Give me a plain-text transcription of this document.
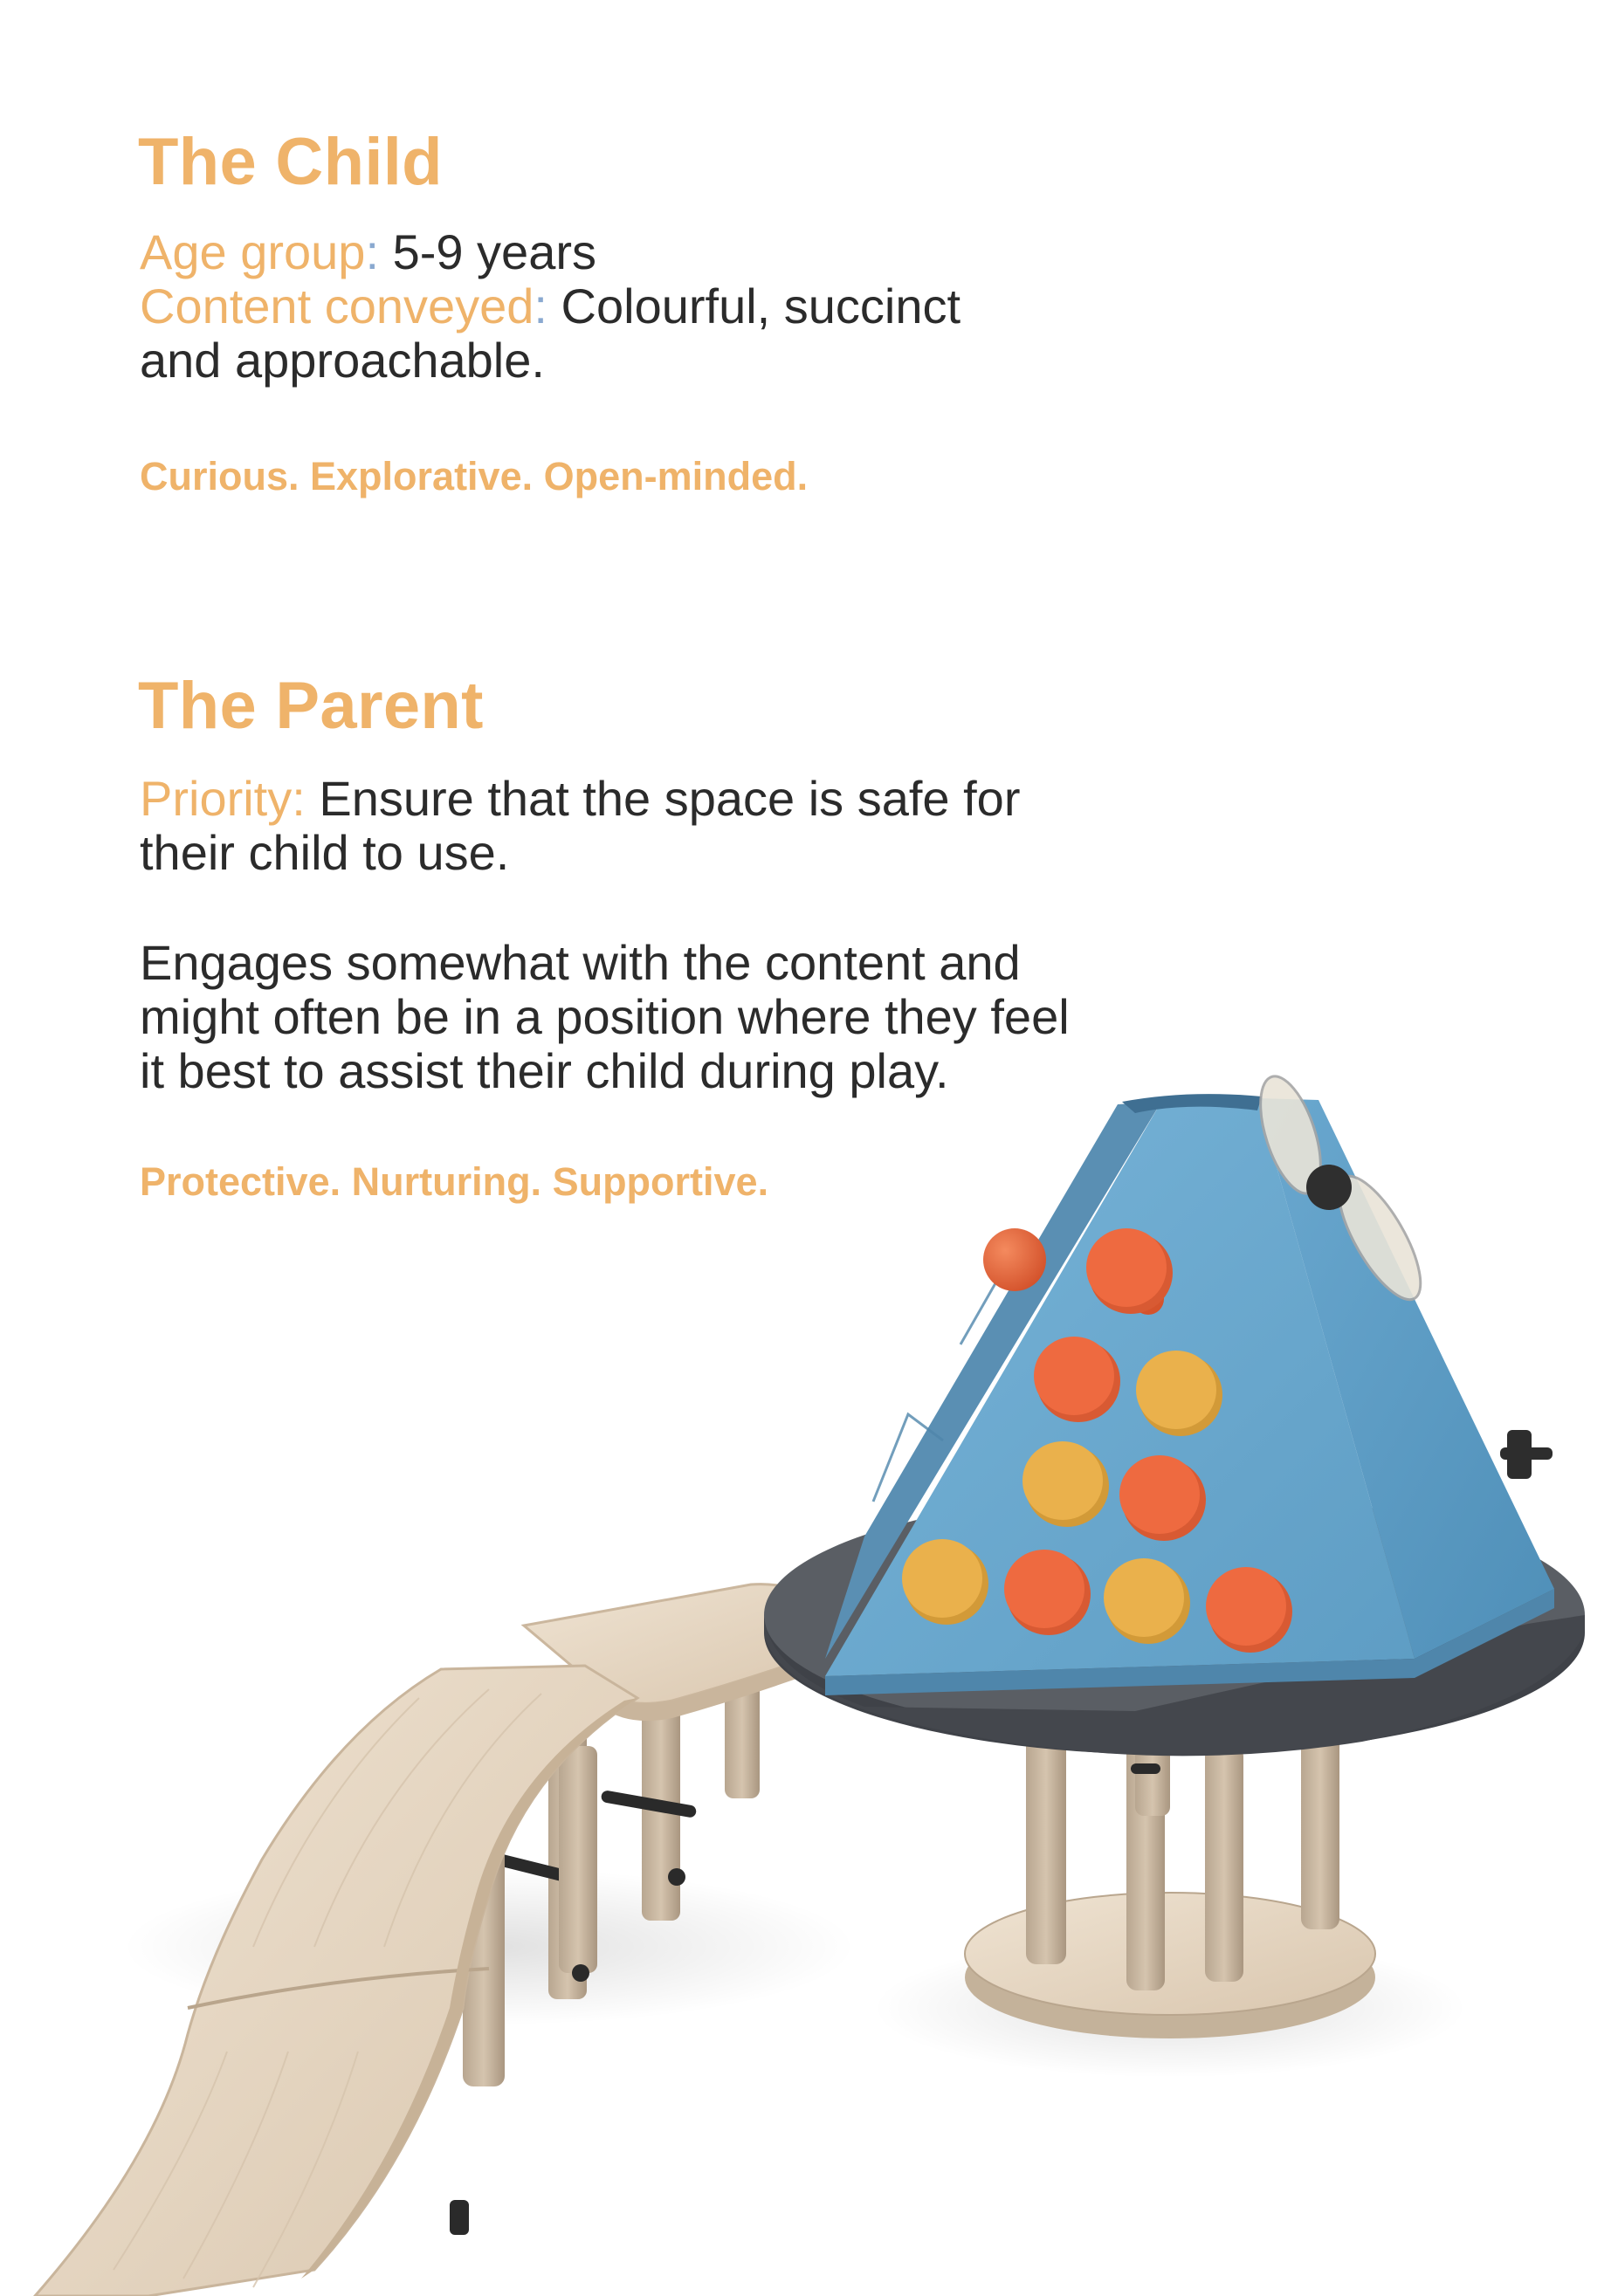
The Child

Age group: 5-9 years

Content conveyed: Colourful, succinct

and approachable.

Curious. Explorative. Open-minded.

The Parent

Priority: Ensure that the space is safe for

their child to use.

Engages somewhat with the content and

might often be in a position where they feel

it best to assist their child during play.

Protective. Nurturing. Supportive.
